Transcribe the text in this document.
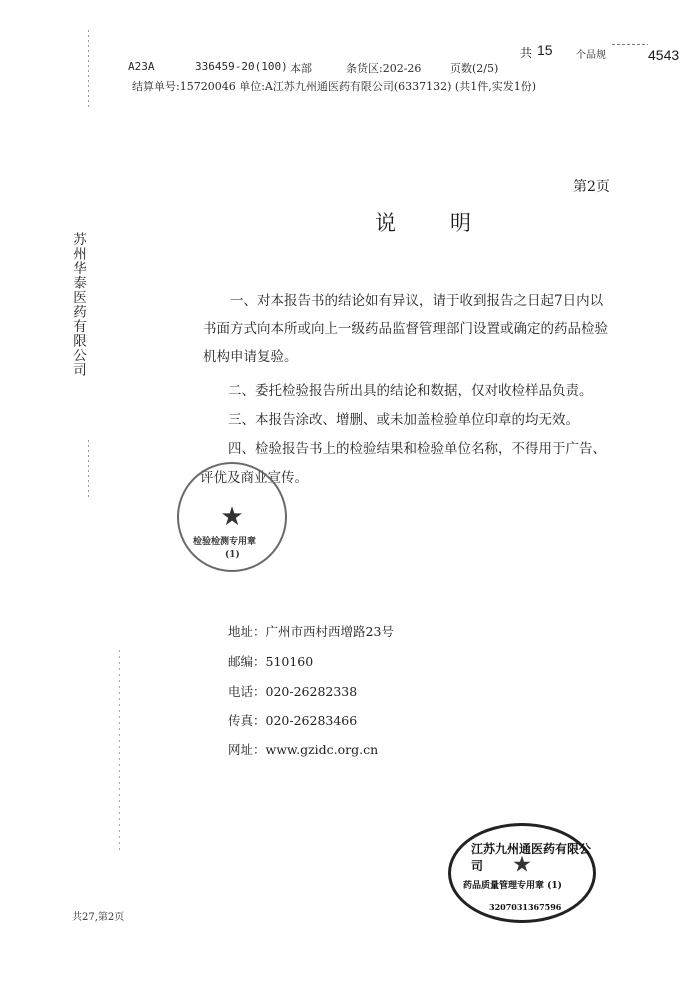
A23A	336459-20(100) 本部	条货区:202-26	页数(2/5)
共 15 个品规	4543
结算单号:15720046 单位:A江苏九州通医药有限公司(6337132) (共1件,实发1份)
苏州华泰医药有限公司
第2页
说      明
一、对本报告书的结论如有异议，请于收到报告之日起7日内以
书面方式向本所或向上一级药品监督管理部门设置或确定的药品检验
机构申请复验。
二、委托检验报告所出具的结论和数据，仅对收检样品负责。
三、本报告涂改、增删、或未加盖检验单位印章的均无效。
四、检验报告书上的检验结果和检验单位名称，不得用于广告、
评优及商业宣传。
★
检验检测专用章
(1)
地址：广州市西村西增路23号
邮编：510160
电话：020-26282338
传真：020-26283466
网址：www.gzidc.org.cn
江苏九州通医药有限公司	★
药品质量管理专用章 (1)
3207031367596
共27,第2页
